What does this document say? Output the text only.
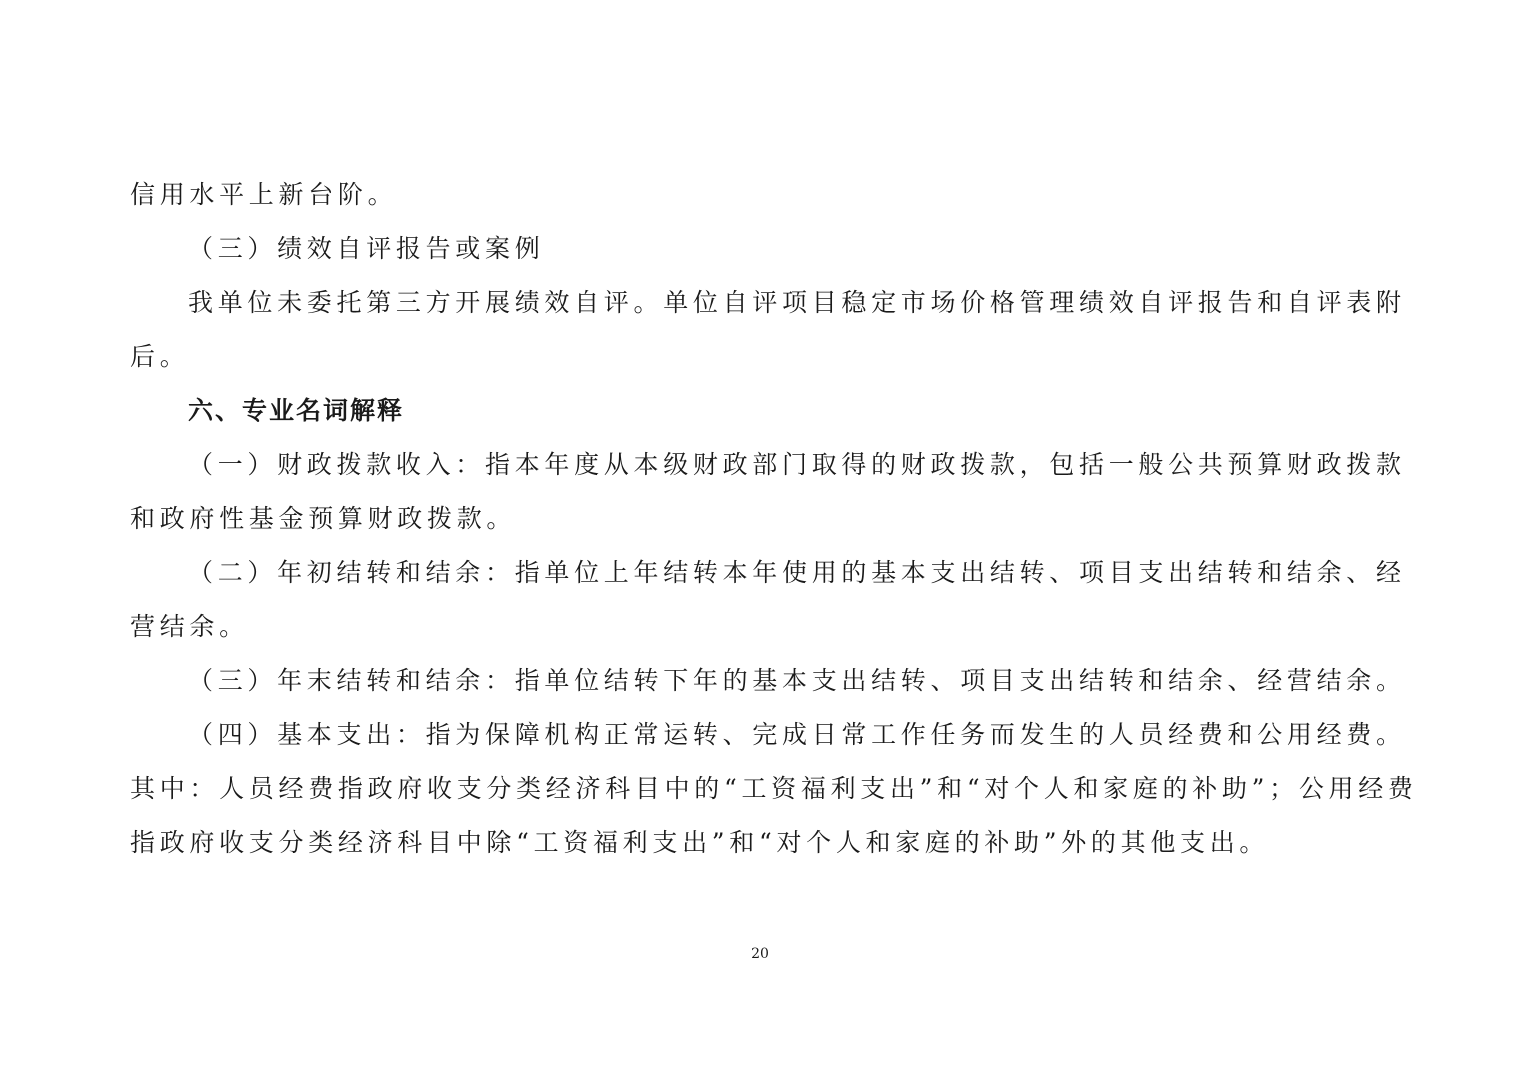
信用水平上新台阶。
（三）绩效自评报告或案例
我单位未委托第三方开展绩效自评。单位自评项目稳定市场价格管理绩效自评报告和自评表附
后。
六、专业名词解释
（一）财政拨款收入：指本年度从本级财政部门取得的财政拨款，包括一般公共预算财政拨款
和政府性基金预算财政拨款。
（二）年初结转和结余：指单位上年结转本年使用的基本支出结转、项目支出结转和结余、经
营结余。
（三）年末结转和结余：指单位结转下年的基本支出结转、项目支出结转和结余、经营结余。
（四）基本支出：指为保障机构正常运转、完成日常工作任务而发生的人员经费和公用经费。
其中：人员经费指政府收支分类经济科目中的“工资福利支出”和“对个人和家庭的补助”；公用经费
指政府收支分类经济科目中除“工资福利支出”和“对个人和家庭的补助”外的其他支出。
20
